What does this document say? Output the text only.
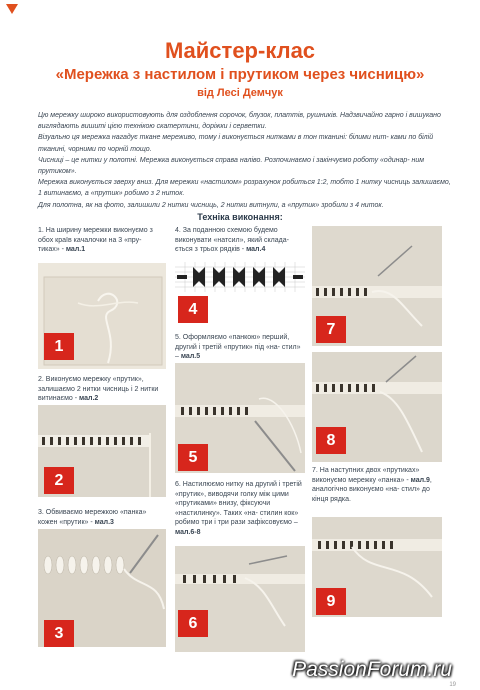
Майстер-клас
«Мережка з настилом і прутиком через чисницю»
від Лесі Демчук

Цю мережку широко використовують для оздоблення сорочок, блузок, платтів, рушників. Надзвичайно гарно і вишукано виглядають вишиті цією технікою скатертини, доріжки і серветки.

Візуально ця мережка нагадує ткане мереживо, тому і виконується нитками в тон тканині: білими нит- ками по білій тканині, чорними по чорній тощо.

Чисниці – це нитки у полотні. Мережка виконується справа наліво. Розпочинаємо і закінчуємо роботу «одинар- ним прутиком».

Мережка виконується зверху вниз. Для мережки «настилом» розрахунок робиться 1:2, тобто 1 нитку чисниць залишаємо, 1 витинаємо, а «прутик» робимо з 2 ниток.

Для полотна, як на фото, залишили 2 нитки чисниць, 2 нитки витнули, а «прутик» зробили з 4 ниток.

Техніка виконання:
1. На ширину мережки виконуємо з обох країв качалочки на 3 «пру- тиках» - мал.1
1
2. Виконуємо мережку «прутик», залишаємо 2 нитки чисниць і 2 нитки витинаємо - мал.2
2
3. Обвиваємо мережкою «панка» кожен «прутик» - мал.3
3
4. За поданною схемою будемо виконувати «натсил», який склада- ється з трьох рядків - мал.4
4
5. Оформляємо «панкою» перший, другий і третій «прутик» під «на- стил» – мал.5
5
6. Настилюємо нитку на другий і третій «прутик», виводячи голку між цими «прутиками» внизу, фіксуючи «настилинку». Таких «на- стилин кок» робимо три і три рази зафіксовуємо – мал.6-8
6
7
8
7. На наступних двох «прутиках» виконуємо мережку «панка» - мал.9, аналогічно виконуємо «на- стил» до кінця рядка.
9
PassionForum.ru
19
